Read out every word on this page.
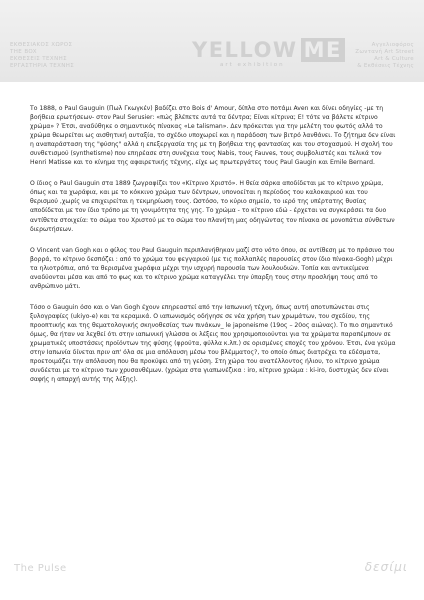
ΕΚΘΕΣΙΑΚΟΣ ΧΩΡΟΣ
THE BOX
ΕΚΘΕΣΕΙΣ ΤΕΧΝΗΣ
ΕΡΓΑΣΤΗΡΙΑ ΤΕΧΝΗΣ
YELLOW ME
art exhibition
Αγγελιοφόρος
Ζωντανή Art Street
Art & Culture
& Εκθέσεις Τέχνης

Το 1888, ο Paul Gauguin (Πωλ Γκωγκέν) βαδίζει στο Bois d' Amour, δίπλα στο ποτάμι Aven και δίνει οδηγίες -με τη βοήθεια ερωτήσεων- στον Paul Serusier: «πώς βλέπετε αυτά τα δέντρα; Είναι κίτρινα; Ε! τότε να βάλετε κίτρινο χρώμα» ? Έτσι, αναδύθηκε ο σημαντικός πίνακας «Le talisman». Δεν πρόκειται για την μελέτη του φωτός αλλά το χρώμα θεωρείται ως αισθητική αυταξία, το σχέδιο υποχωρεί και η παράδοση των βιτρό λανθάνει. Το ζήτημα δεν είναι η αναπαράσταση της "φύσης" αλλά η επεξεργασία της με τη βοήθεια της φαντασίας και του στοχασμού. Η σχολή του συνθετισμού (synthetisme) που επηρέασε στη συνέχεια τους Nabis, τους Fauves, τους συμβολιστές και τελικά τον Henri Matisse και το κίνημα της αφαιρετικής τέχνης, είχε ως πρωτεργάτες τους Paul Gaugin και Emile Bernard.

Ο ίδιος ο Paul Gauguin στα 1889 ζωγραφίζει τον «Κίτρινο Χριστό». Η θεία σάρκα αποδίδεται με το κίτρινο χρώμα, όπως και τα χωράφια, και με το κόκκινο χρώμα των δέντρων, υπονοείται η περίοδος του καλοκαιριού και του θερισμού ,χωρίς να επιχειρείται η τεκμηρίωση τους. Ωστόσο, το κύριο σημείο, το ιερό της υπέρτατης θυσίας αποδίδεται με τον ίδιο τρόπο με τη γονιμότητα της γης. Το χρώμα - το κίτρινο εδώ - έρχεται να συγκεράσει τα δυο αντίθετα στοιχεία: το σώμα του Χριστού με το σώμα του πλανήτη μας οδηγώντας τον πίνακα σε μονοπάτια σύνθετων διερωτήσεων.

Ο Vincent van Gogh και ο φίλος του Paul Gauguin περιπλανήθηκαν μαζί στο νότο όπου, σε αντίθεση με το πράσινο του βορρά, το κίτρινο δεσπόζει : από το χρώμα του φεγγαριού (με τις πολλαπλές παρουσίες στον ίδιο πίνακα-Gogh) μέχρι τα ηλιοτρόπια, από τα θερισμένα χωράφια μέχρι την ισχυρή παρουσία των λουλουδιών. Τοπία και αντικείμενα αναδύονται μέσα και από το φως και το κίτρινο χρώμα καταγγέλει την ύπαρξη τους στην προσλήψη τους από το ανθρώπινο μάτι.

Τόσο ο Gauguin όσο και ο Van Gogh έχουν επηρεαστεί από την Ιαπωνική τέχνη, όπως αυτή αποτυπώνεται στις ξυλογραφίες (ukiyo-e) και τα κεραμικά. Ο ιαπωνισμός οδήγησε σε νέα χρήση των χρωμάτων, του σχεδίου, της προοπτικής και της θεματολογικής σκηνοθεσίας των πινάκων_ le japoneisme (19ος – 20ος αιώνας). Το πιο σημαντικό όμως, θα ήταν να λεχθεί ότι στην ιαπωνική γλώσσα οι λέξεις που χρησιμοποιούνται για τα χρώματα παραπέμπουν σε χρωματικές υποστάσεις προϊόντων της φύσης (φρούτα, φύλλα κ.λπ.) σε ορισμένες εποχές του χρόνου. Έτσι, ένα γεύμα στην Ιαπωνία δίνεται πριν απ' όλα σε μια απόλαυση μέσω του βλέμματος?, το οποίο όπως διατρέχει τα εδέσματα, προετοιμάζει την απόλαυση που θα προκύψει από τη γεύση. Στη χώρα του ανατέλλοντος ήλιου, το κίτρινο χρώμα συνδέεται με το κίτρινο των χρυσανθέμων. (χρώμα στα γιαπωνέζικα : iro, κίτρινο χρώμα : ki-iro, δυστυχώς δεν είναι σαφής η απαρχή αυτής της λέξης).

The Pulse	δεσίμι
